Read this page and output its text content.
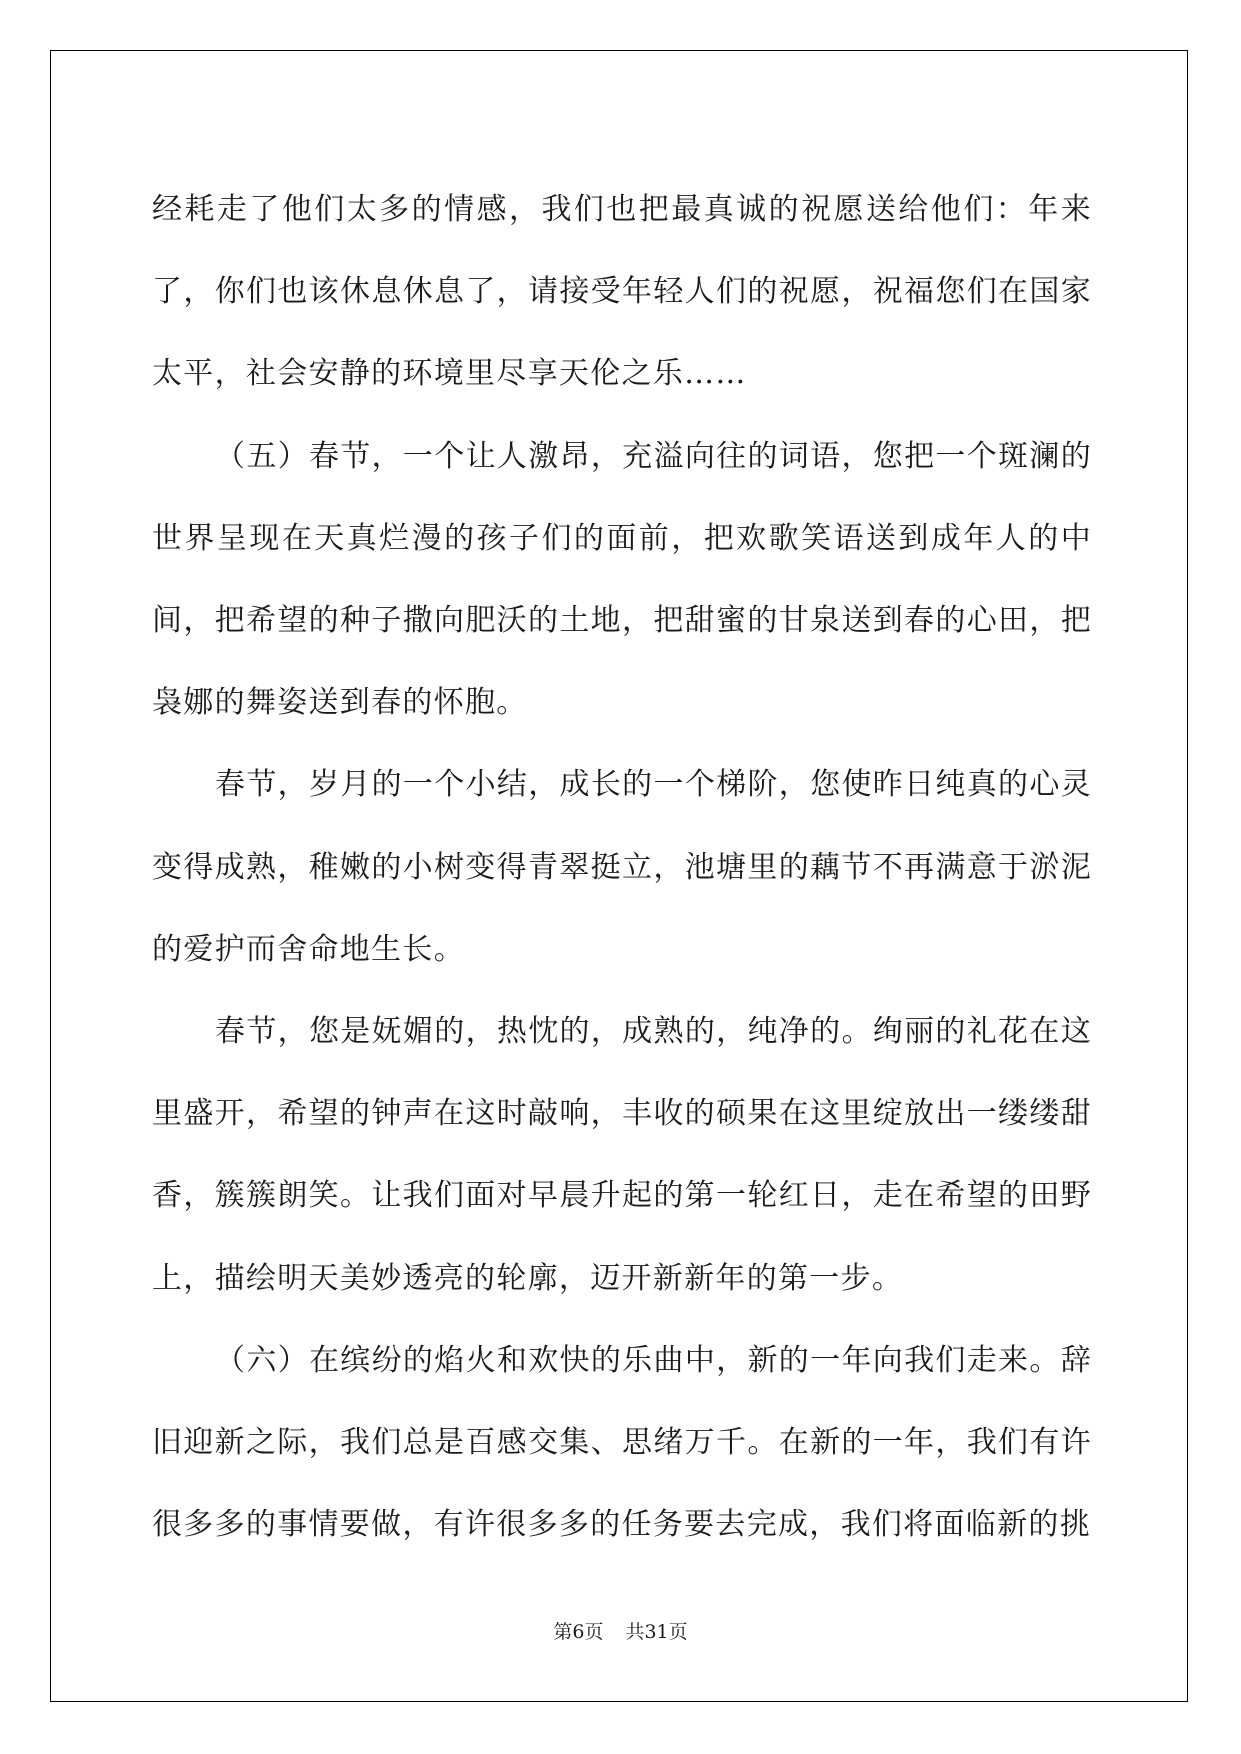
经耗走了他们太多的情感，我们也把最真诚的祝愿送给他们：年来了，你们也该休息休息了，请接受年轻人们的祝愿，祝福您们在国家太平，社会安静的环境里尽享天伦之乐……

（五）春节，一个让人激昂，充溢向往的词语，您把一个斑澜的世界呈现在天真烂漫的孩子们的面前，把欢歌笑语送到成年人的中间，把希望的种子撒向肥沃的土地，把甜蜜的甘泉送到春的心田，把袅娜的舞姿送到春的怀胞。

春节，岁月的一个小结，成长的一个梯阶，您使昨日纯真的心灵变得成熟，稚嫩的小树变得青翠挺立，池塘里的藕节不再满意于淤泥的爱护而舍命地生长。

春节，您是妩媚的，热忱的，成熟的，纯净的。绚丽的礼花在这里盛开，希望的钟声在这时敲响，丰收的硕果在这里绽放出一缕缕甜香，簇簇朗笑。让我们面对早晨升起的第一轮红日，走在希望的田野上，描绘明天美妙透亮的轮廓，迈开新新年的第一步。

（六）在缤纷的焰火和欢快的乐曲中，新的一年向我们走来。辞旧迎新之际，我们总是百感交集、思绪万千。在新的一年，我们有许很多多的事情要做，有许很多多的任务要去完成，我们将面临新的挑

第6页 共31页
